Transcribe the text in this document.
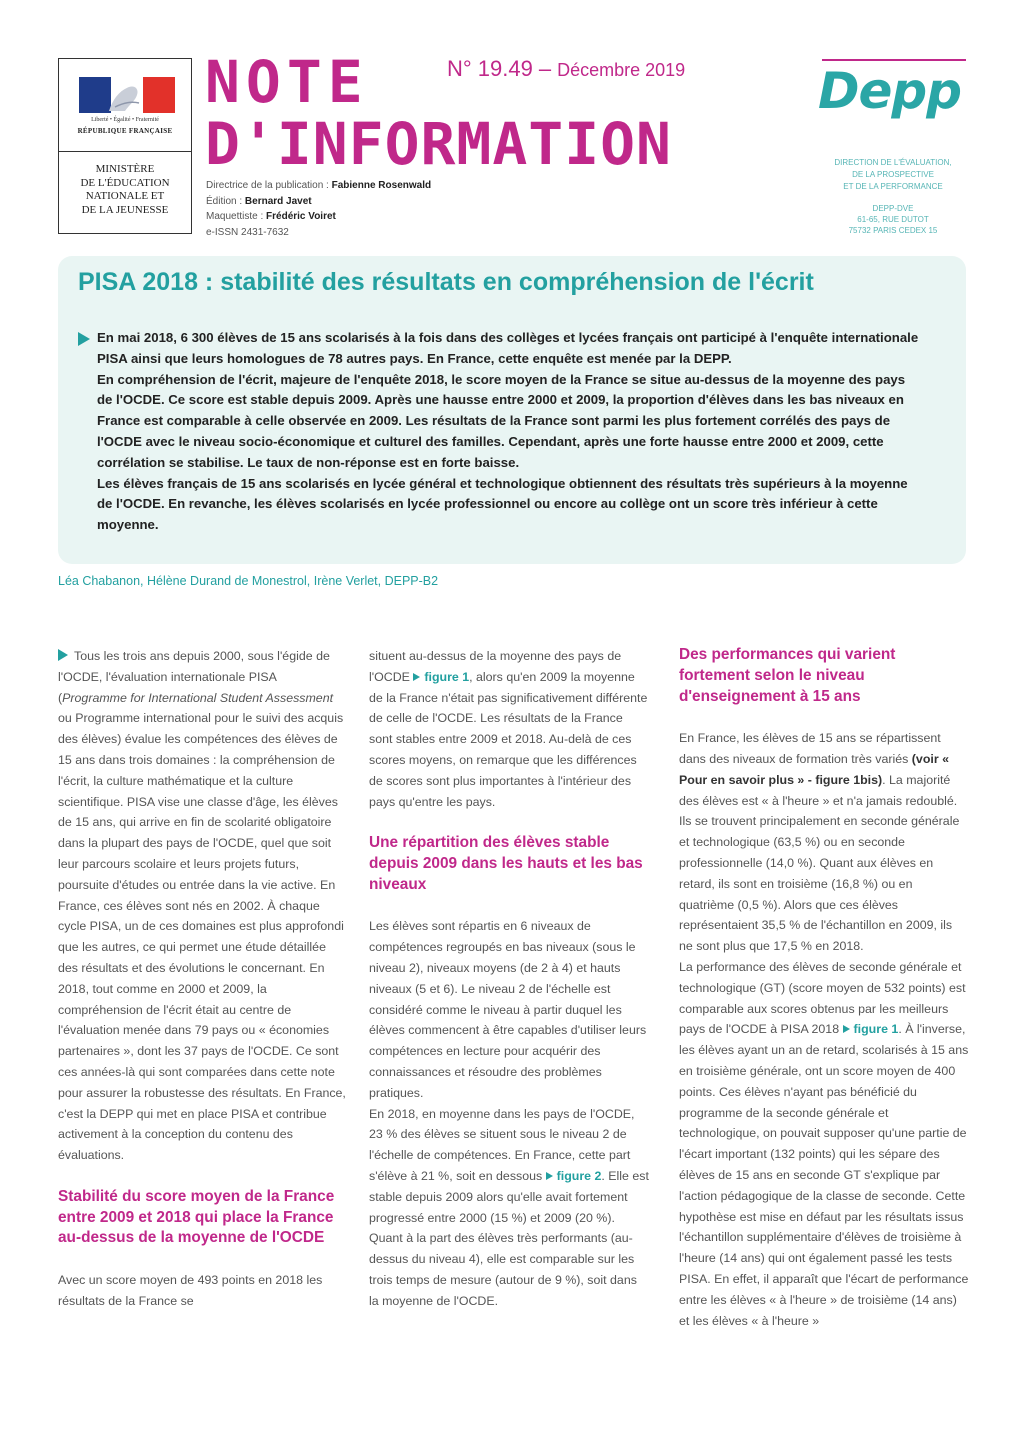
Liberté • Égalité • Fraternité
RÉPUBLIQUE FRANÇAISE
MINISTÈRE
DE L'ÉDUCATION
NATIONALE ET
DE LA JEUNESSE
NOTE
D'INFORMATION
N° 19.49 – Décembre 2019
Directrice de la publication : Fabienne Rosenwald
Édition : Bernard Javet
Maquettiste : Frédéric Voiret
e-ISSN 2431-7632
Depp
DIRECTION DE L'ÉVALUATION,
DE LA PROSPECTIVE
ET DE LA PERFORMANCE
DEPP-DVE
61-65, RUE DUTOT
75732 PARIS CEDEX 15
PISA 2018 : stabilité des résultats en compréhension de l'écrit
En mai 2018, 6 300 élèves de 15 ans scolarisés à la fois dans des collèges et lycées français ont participé à l'enquête internationale PISA ainsi que leurs homologues de 78 autres pays. En France, cette enquête est menée par la DEPP.
En compréhension de l'écrit, majeure de l'enquête 2018, le score moyen de la France se situe au-dessus de la moyenne des pays de l'OCDE. Ce score est stable depuis 2009. Après une hausse entre 2000 et 2009, la proportion d'élèves dans les bas niveaux en France est comparable à celle observée en 2009. Les résultats de la France sont parmi les plus fortement corrélés des pays de l'OCDE avec le niveau socio-économique et culturel des familles. Cependant, après une forte hausse entre 2000 et 2009, cette corrélation se stabilise. Le taux de non-réponse est en forte baisse.
Les élèves français de 15 ans scolarisés en lycée général et technologique obtiennent des résultats très supérieurs à la moyenne de l'OCDE. En revanche, les élèves scolarisés en lycée professionnel ou encore au collège ont un score très inférieur à cette moyenne.
Léa Chabanon, Hélène Durand de Monestrol, Irène Verlet, DEPP-B2

Tous les trois ans depuis 2000, sous l'égide de l'OCDE, l'évaluation internationale PISA (Programme for International Student Assessment ou Programme international pour le suivi des acquis des élèves) évalue les compétences des élèves de 15 ans dans trois domaines : la compréhension de l'écrit, la culture mathématique et la culture scientifique. PISA vise une classe d'âge, les élèves de 15 ans, qui arrive en fin de scolarité obligatoire dans la plupart des pays de l'OCDE, quel que soit leur parcours scolaire et leurs projets futurs, poursuite d'études ou entrée dans la vie active. En France, ces élèves sont nés en 2002. À chaque cycle PISA, un de ces domaines est plus approfondi que les autres, ce qui permet une étude détaillée des résultats et des évolutions le concernant. En 2018, tout comme en 2000 et 2009, la compréhension de l'écrit était au centre de l'évaluation menée dans 79 pays ou « économies partenaires », dont les 37 pays de l'OCDE. Ce sont ces années-là qui sont comparées dans cette note pour assurer la robustesse des résultats. En France, c'est la DEPP qui met en place PISA et contribue activement à la conception du contenu des évaluations.

Stabilité du score moyen de la France entre 2009 et 2018 qui place la France au-dessus de la moyenne de l'OCDE

Avec un score moyen de 493 points en 2018 les résultats de la France se

situent au-dessus de la moyenne des pays de l'OCDE figure 1, alors qu'en 2009 la moyenne de la France n'était pas significativement différente de celle de l'OCDE. Les résultats de la France sont stables entre 2009 et 2018. Au-delà de ces scores moyens, on remarque que les différences de scores sont plus importantes à l'intérieur des pays qu'entre les pays.

Une répartition des élèves stable depuis 2009 dans les hauts et les bas niveaux

Les élèves sont répartis en 6 niveaux de compétences regroupés en bas niveaux (sous le niveau 2), niveaux moyens (de 2 à 4) et hauts niveaux (5 et 6). Le niveau 2 de l'échelle est considéré comme le niveau à partir duquel les élèves commencent à être capables d'utiliser leurs compétences en lecture pour acquérir des connaissances et résoudre des problèmes pratiques.

En 2018, en moyenne dans les pays de l'OCDE, 23 % des élèves se situent sous le niveau 2 de l'échelle de compétences. En France, cette part s'élève à 21 %, soit en dessous figure 2. Elle est stable depuis 2009 alors qu'elle avait fortement progressé entre 2000 (15 %) et 2009 (20 %). Quant à la part des élèves très performants (au-dessus du niveau 4), elle est comparable sur les trois temps de mesure (autour de 9 %), soit dans la moyenne de l'OCDE.

Des performances qui varient fortement selon le niveau d'enseignement à 15 ans

En France, les élèves de 15 ans se répartissent dans des niveaux de formation très variés (voir « Pour en savoir plus » - figure 1bis). La majorité des élèves est « à l'heure » et n'a jamais redoublé. Ils se trouvent principalement en seconde générale et technologique (63,5 %) ou en seconde professionnelle (14,0 %). Quant aux élèves en retard, ils sont en troisième (16,8 %) ou en quatrième (0,5 %). Alors que ces élèves représentaient 35,5 % de l'échantillon en 2009, ils ne sont plus que 17,5 % en 2018.

La performance des élèves de seconde générale et technologique (GT) (score moyen de 532 points) est comparable aux scores obtenus par les meilleurs pays de l'OCDE à PISA 2018 figure 1. À l'inverse, les élèves ayant un an de retard, scolarisés à 15 ans en troisième générale, ont un score moyen de 400 points. Ces élèves n'ayant pas bénéficié du programme de la seconde générale et technologique, on pouvait supposer qu'une partie de l'écart important (132 points) qui les sépare des élèves de 15 ans en seconde GT s'explique par l'action pédagogique de la classe de seconde. Cette hypothèse est mise en défaut par les résultats issus l'échantillon supplémentaire d'élèves de troisième à l'heure (14 ans) qui ont également passé les tests PISA. En effet, il apparaît que l'écart de performance entre les élèves « à l'heure » de troisième (14 ans) et les élèves « à l'heure »
